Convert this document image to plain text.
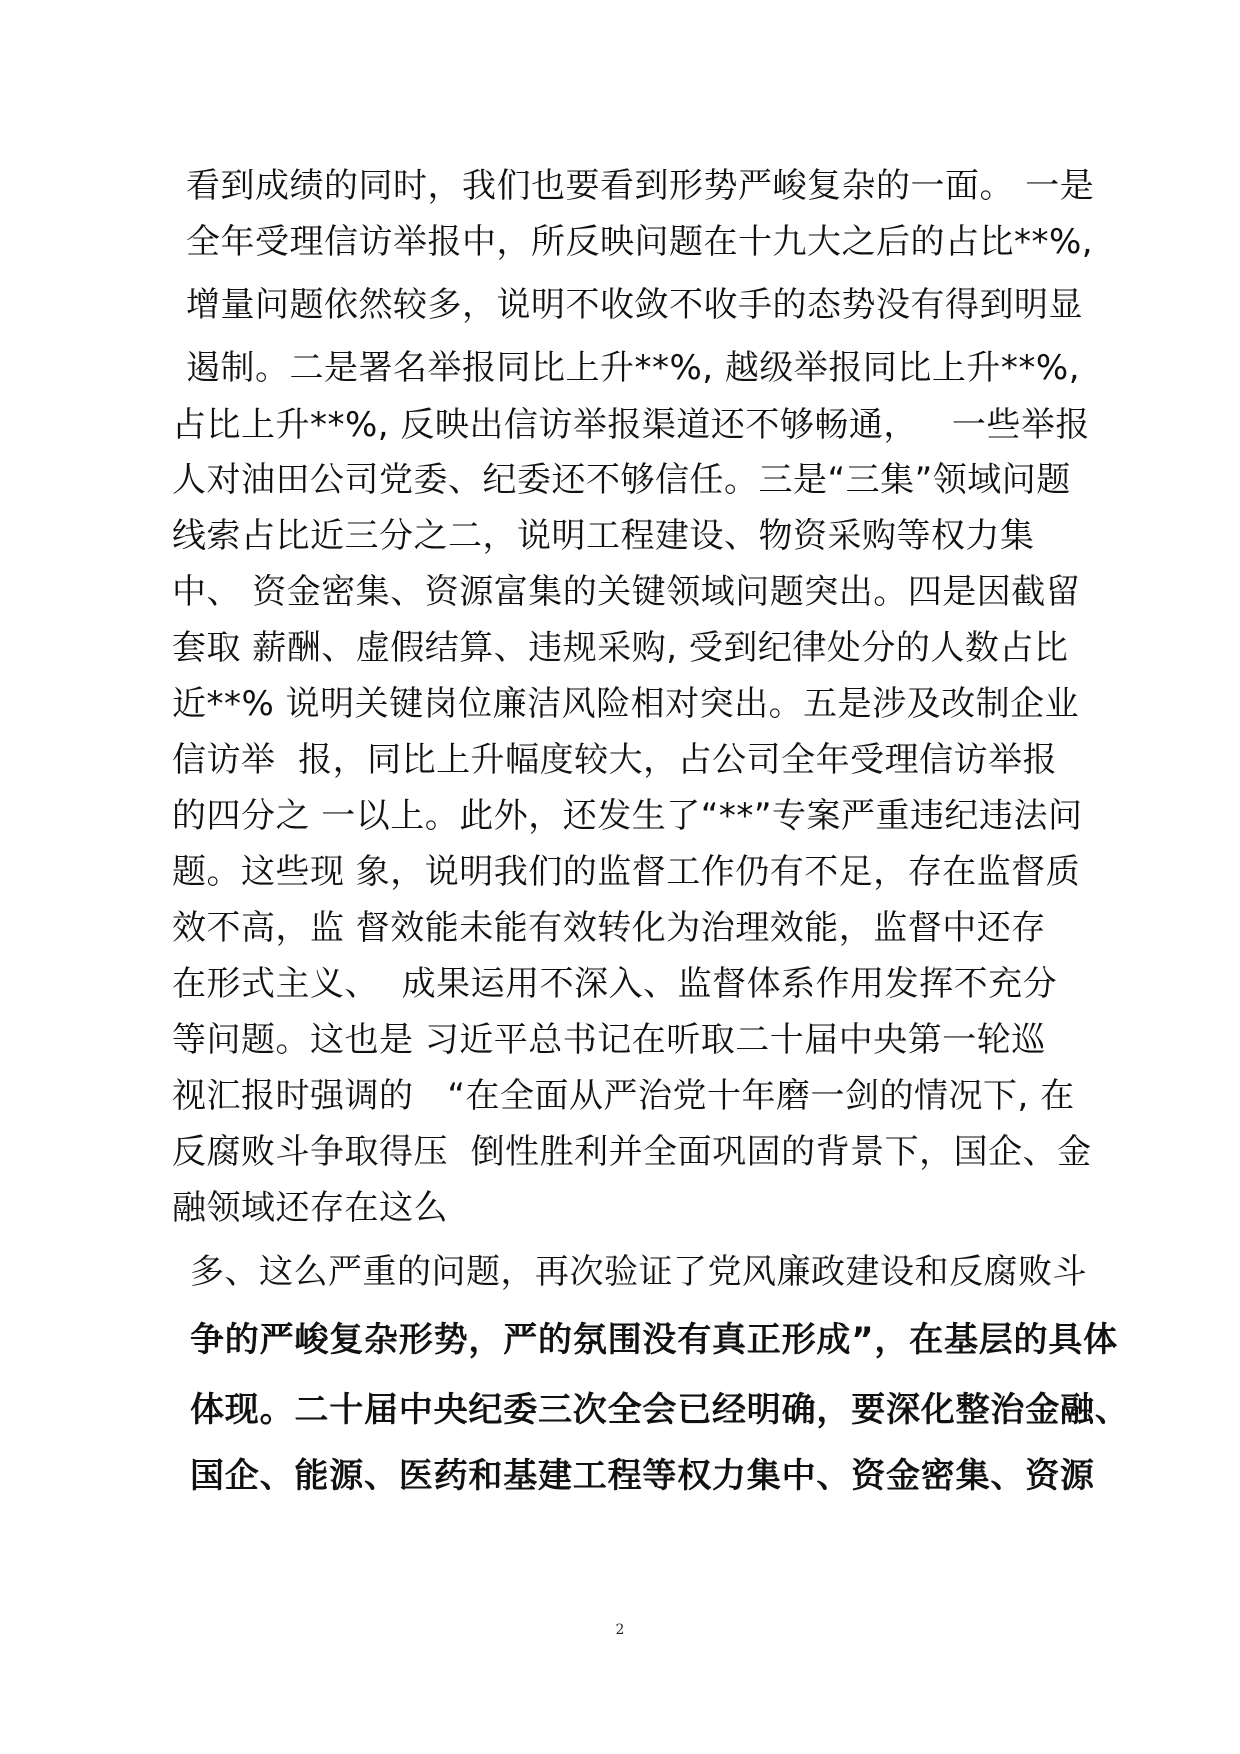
看到成绩的同时，我们也要看到形势严峻复杂的一面。 一是
全年受理信访举报中，所反映问题在十九大之后的占比**%,
增量问题依然较多，说明不收敛不收手的态势没有得到明显
遏制。二是署名举报同比上升**%, 越级举报同比上升**%,
占比上升**%, 反映出信访举报渠道还不够畅通，   一些举报
人对油田公司党委、纪委还不够信任。三是“三集”领域问题
线索占比近三分之二，说明工程建设、物资采购等权力集
中、 资金密集、资源富集的关键领域问题突出。四是因截留
套取 薪酬、虚假结算、违规采购, 受到纪律处分的人数占比
近**% 说明关键岗位廉洁风险相对突出。五是涉及改制企业
信访举  报，同比上升幅度较大，占公司全年受理信访举报
的四分之 一以上。此外，还发生了“**”专案严重违纪违法问
题。这些现 象，说明我们的监督工作仍有不足，存在监督质
效不高，监 督效能未能有效转化为治理效能，监督中还存
在形式主义、  成果运用不深入、监督体系作用发挥不充分
等问题。这也是 习近平总书记在听取二十届中央第一轮巡
视汇报时强调的   “在全面从严治党十年磨一剑的情况下, 在
反腐败斗争取得压  倒性胜利并全面巩固的背景下，国企、金
融领域还存在这么
多、这么严重的问题，再次验证了党风廉政建设和反腐败斗
争的严峻复杂形势，严的氛围没有真正形成”，在基层的具体
体现。二十届中央纪委三次全会已经明确，要深化整治金融、
国企、能源、医药和基建工程等权力集中、资金密集、资源
2
